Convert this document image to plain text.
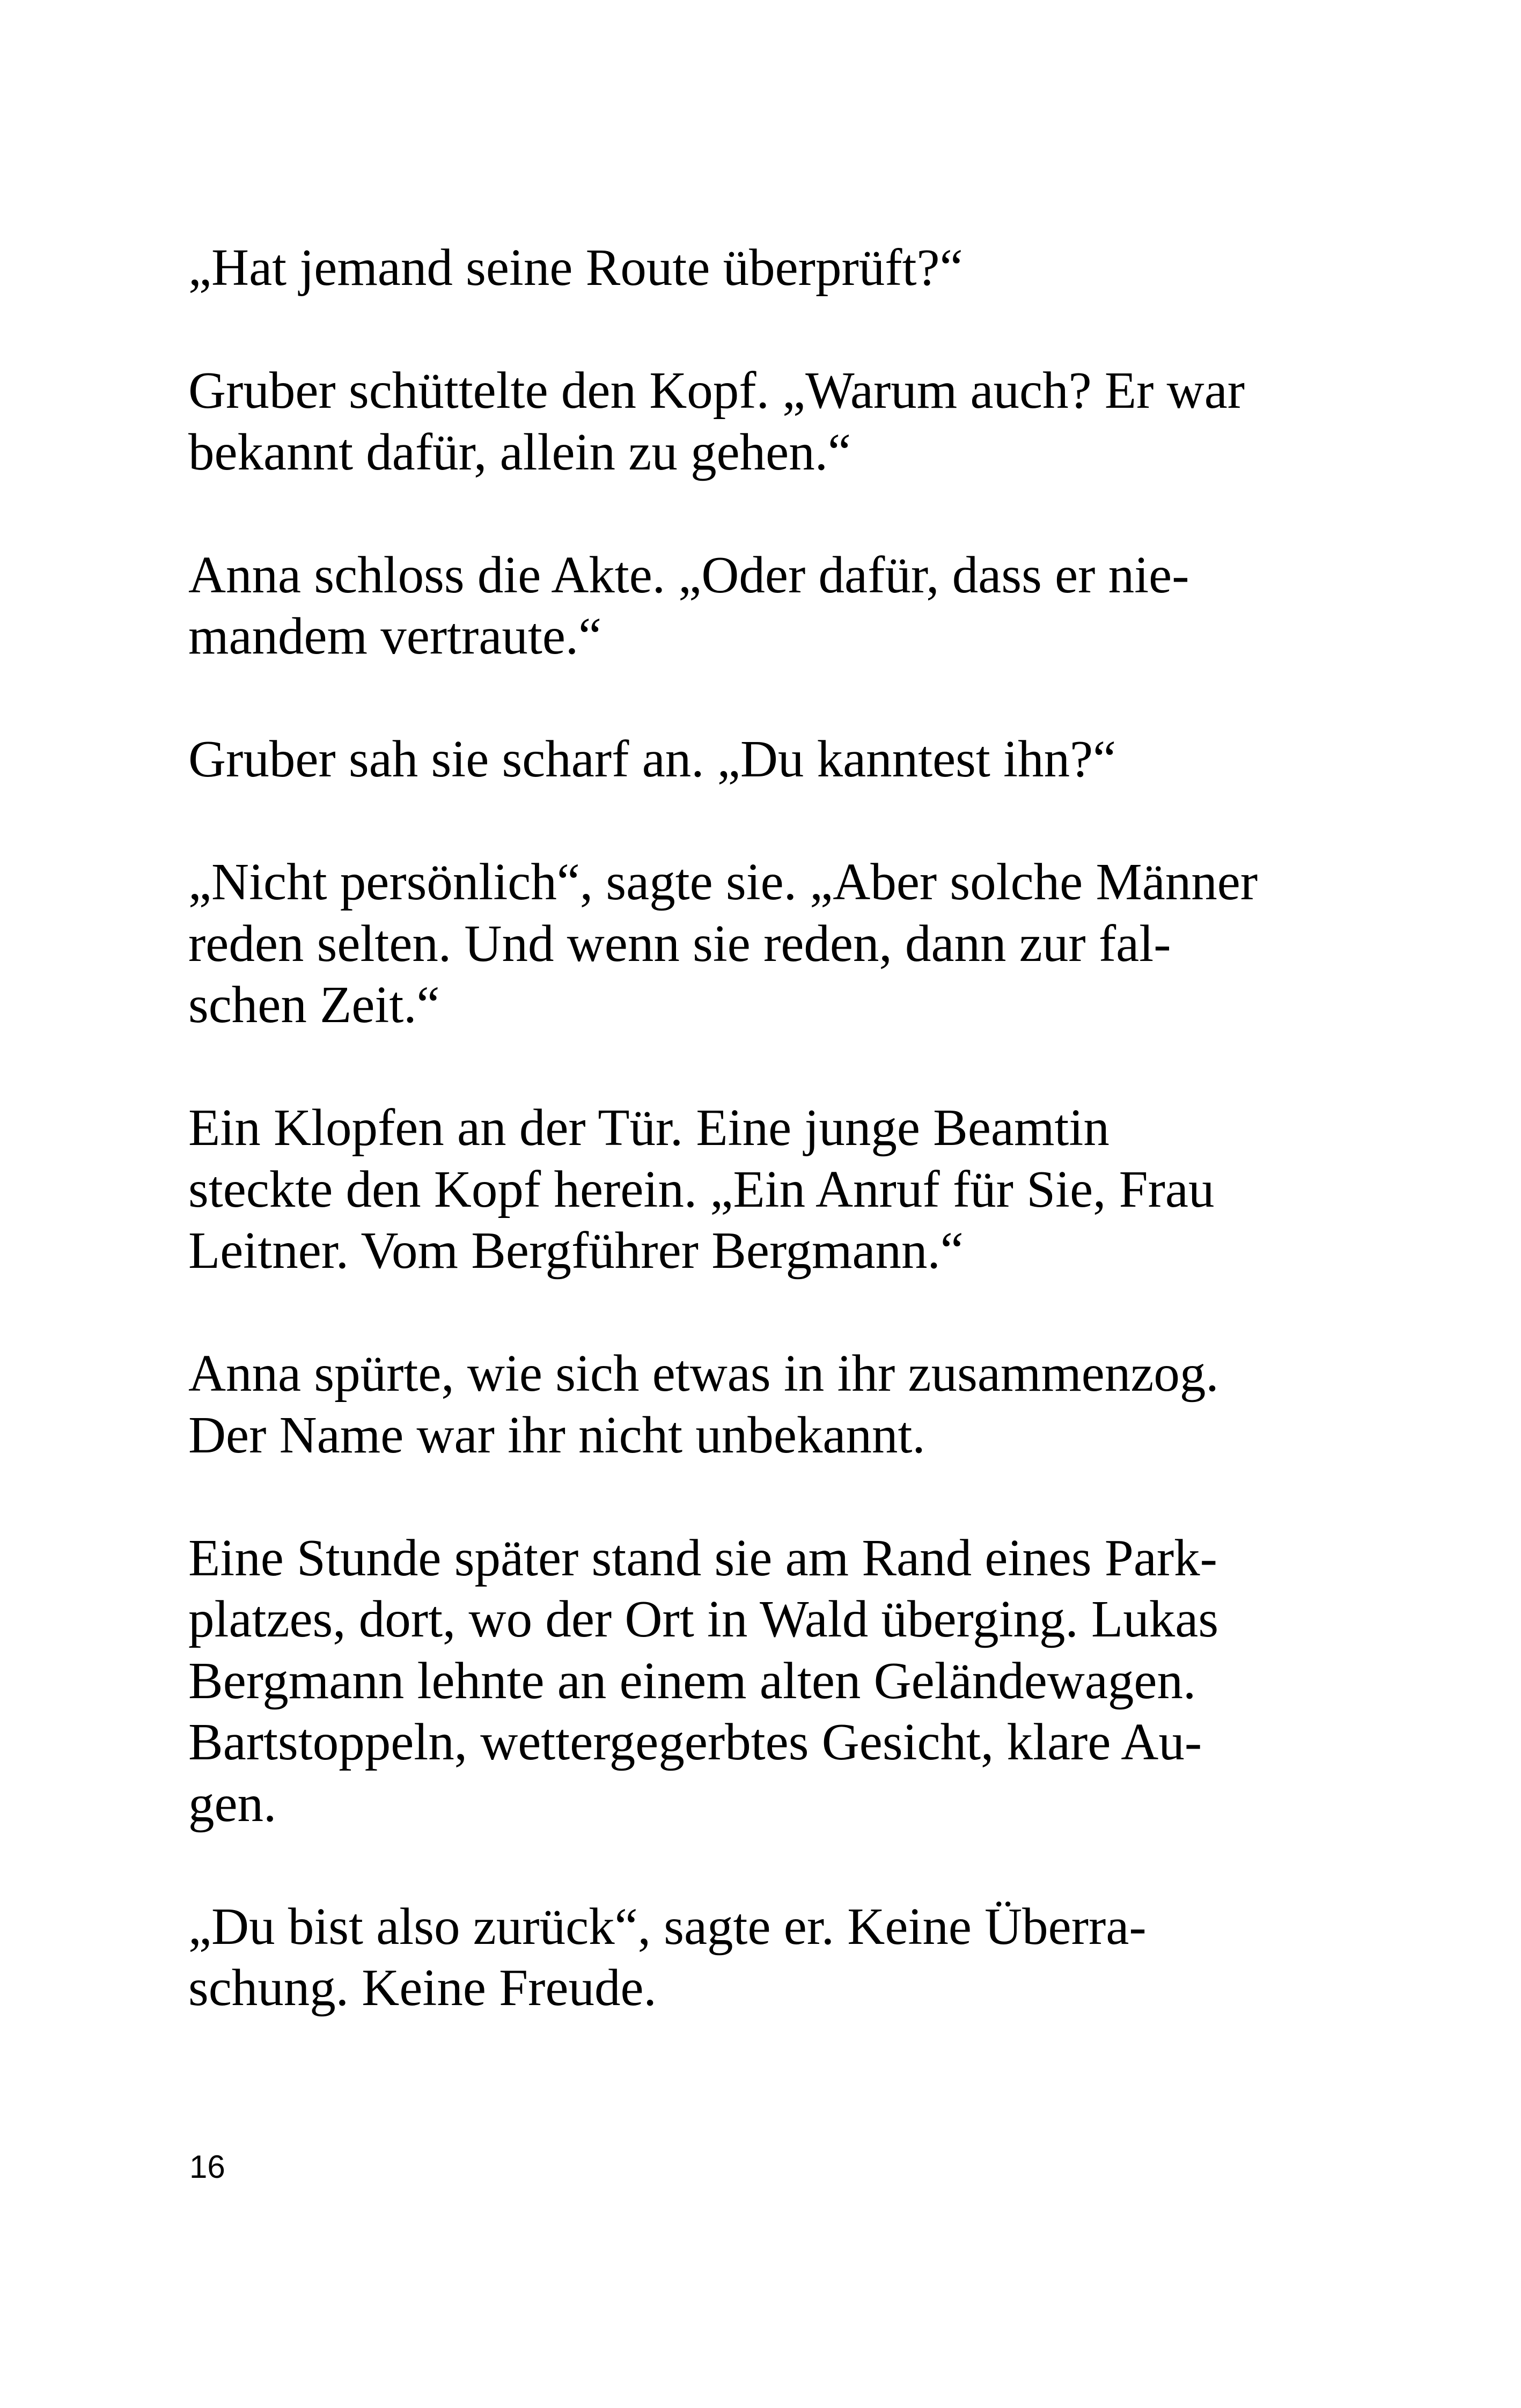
„Hat jemand seine Route überprüft?“

Gruber schüttelte den Kopf. „Warum auch? Er war
bekannt dafür, allein zu gehen.“

Anna schloss die Akte. „Oder dafür, dass er nie-
mandem vertraute.“

Gruber sah sie scharf an. „Du kanntest ihn?“

„Nicht persönlich“, sagte sie. „Aber solche Männer
reden selten. Und wenn sie reden, dann zur fal-
schen Zeit.“

Ein Klopfen an der Tür. Eine junge Beamtin
steckte den Kopf herein. „Ein Anruf für Sie, Frau
Leitner. Vom Bergführer Bergmann.“

Anna spürte, wie sich etwas in ihr zusammenzog.
Der Name war ihr nicht unbekannt.

Eine Stunde später stand sie am Rand eines Park-
platzes, dort, wo der Ort in Wald überging. Lukas
Bergmann lehnte an einem alten Geländewagen.
Bartstoppeln, wettergegerbtes Gesicht, klare Au-
gen.

„Du bist also zurück“, sagte er. Keine Überra-
schung. Keine Freude.

16
